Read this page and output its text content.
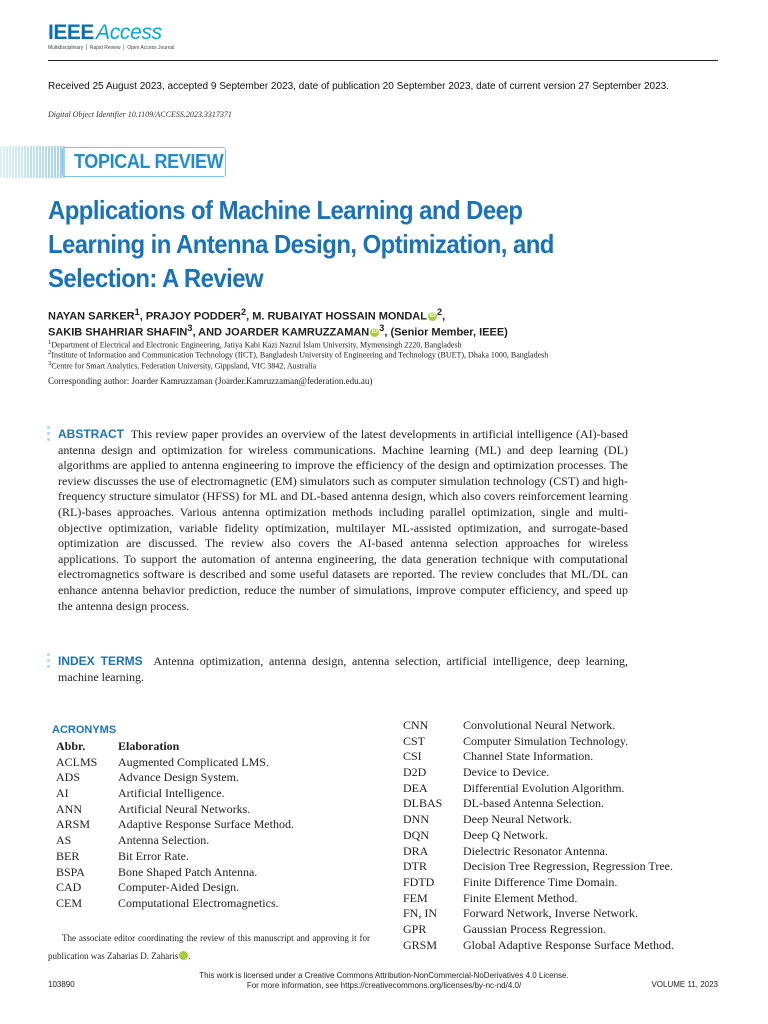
IEEE Access
Multidisciplinary ⎪ Rapid Review ⎪ Open Access Journal
Received 25 August 2023, accepted 9 September 2023, date of publication 20 September 2023, date of current version 27 September 2023.
Digital Object Identifier 10.1109/ACCESS.2023.3317371
TOPICAL REVIEW
Applications of Machine Learning and Deep Learning in Antenna Design, Optimization, and Selection: A Review
NAYAN SARKER$^1$, PRAJOY PODDER$^2$, M. RUBAIYAT HOSSAIN MONDAL iD $^2$,
SAKIB SHAHRIAR SHAFIN$^3$, AND JOARDER KAMRUZZAMAN iD $^3$, (Senior Member, IEEE)
$^1$Department of Electrical and Electronic Engineering, Jatiya Kabi Kazi Nazrul Islam University, Mymensingh 2220, Bangladesh
$^2$Institute of Information and Communication Technology (IICT), Bangladesh University of Engineering and Technology (BUET), Dhaka 1000, Bangladesh
$^3$Centre for Smart Analytics, Federation University, Gippsland, VIC 3842, Australia
Corresponding author: Joarder Kamruzzaman (Joarder.Kamruzzaman@federation.edu.au)
ABSTRACT This review paper provides an overview of the latest developments in artificial intelligence (AI)-based antenna design and optimization for wireless communications. Machine learning (ML) and deep learning (DL) algorithms are applied to antenna engineering to improve the efficiency of the design and optimization processes. The review discusses the use of electromagnetic (EM) simulators such as computer simulation technology (CST) and high-frequency structure simulator (HFSS) for ML and DL-based antenna design, which also covers reinforcement learning (RL)-bases approaches. Various antenna optimization methods including parallel optimization, single and multi-objective optimization, variable fidelity optimization, multilayer ML-assisted optimization, and surrogate-based optimization are discussed. The review also covers the AI-based antenna selection approaches for wireless applications. To support the automation of antenna engineering, the data generation technique with computational electromagnetics software is described and some useful datasets are reported. The review concludes that ML/DL can enhance antenna behavior prediction, reduce the number of simulations, improve computer efficiency, and speed up the antenna design process.
INDEX TERMS Antenna optimization, antenna design, antenna selection, artificial intelligence, deep learning, machine learning.
ACRONYMS
Abbr.	Elaboration
ACLMS	Augmented Complicated LMS.
ADS	Advance Design System.
AI	Artificial Intelligence.
ANN	Artificial Neural Networks.
ARSM	Adaptive Response Surface Method.
AS	Antenna Selection.
BER	Bit Error Rate.
BSPA	Bone Shaped Patch Antenna.
CAD	Computer-Aided Design.
CEM	Computational Electromagnetics.
CNN	Convolutional Neural Network.
CST	Computer Simulation Technology.
CSI	Channel State Information.
D2D	Device to Device.
DEA	Differential Evolution Algorithm.
DLBAS	DL-based Antenna Selection.
DNN	Deep Neural Network.
DQN	Deep Q Network.
DRA	Dielectric Resonator Antenna.
DTR	Decision Tree Regression, Regression Tree.
FDTD	Finite Difference Time Domain.
FEM	Finite Element Method.
FN, IN	Forward Network, Inverse Network.
GPR	Gaussian Process Regression.
GRSM	Global Adaptive Response Surface Method.
The associate editor coordinating the review of this manuscript and approving it for publication was Zaharias D. Zaharis	iD.
This work is licensed under a Creative Commons Attribution-NonCommercial-NoDerivatives 4.0 License.
For more information, see https://creativecommons.org/licenses/by-nc-nd/4.0/
103890	VOLUME 11, 2023
